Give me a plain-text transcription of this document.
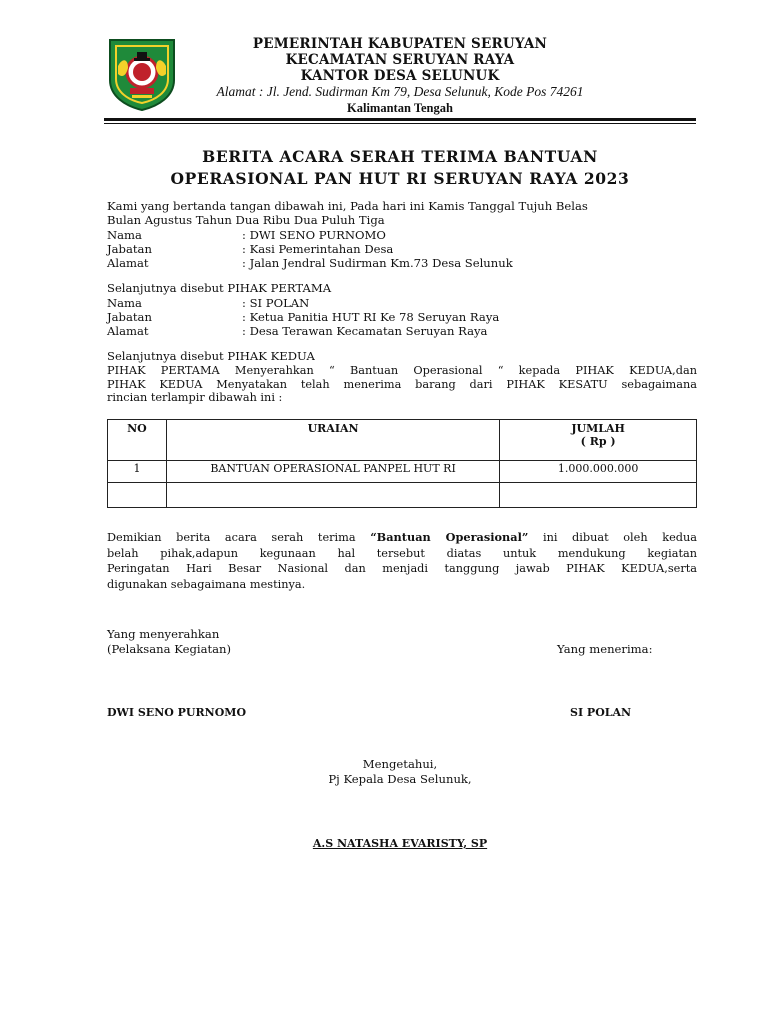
PEMERINTAH KABUPATEN SERUYAN
KECAMATAN SERUYAN RAYA
KANTOR DESA SELUNUK
Alamat : Jl. Jend. Sudirman Km 79, Desa Selunuk, Kode Pos 74261
Kalimantan Tengah
BERITA ACARA SERAH TERIMA BANTUAN
OPERASIONAL PAN HUT RI SERUYAN RAYA 2023
Kami yang bertanda tangan dibawah ini, Pada hari ini Kamis Tanggal Tujuh Belas
Bulan Agustus Tahun Dua Ribu Dua Puluh Tiga
Nama	: DWI SENO PURNOMO
Jabatan	: Kasi Pemerintahan Desa
Alamat	: Jalan Jendral Sudirman Km.73 Desa Selunuk
Selanjutnya disebut PIHAK PERTAMA
Nama	: SI POLAN
Jabatan	: Ketua Panitia HUT RI Ke 78 Seruyan Raya
Alamat	: Desa Terawan Kecamatan Seruyan Raya
Selanjutnya disebut PIHAK KEDUA
PIHAK PERTAMA Menyerahkan “ Bantuan Operasional “ kepada PIHAK KEDUA,dan
PIHAK KEDUA Menyatakan telah menerima barang dari PIHAK KESATU sebagaimana
rincian terlampir dibawah ini :
NO	URAIAN	JUMLAH
( Rp )

1	BANTUAN OPERASIONAL PANPEL HUT RI	1.000.000.000

Demikian berita acara serah terima “Bantuan Operasional” ini dibuat oleh kedua
belah pihak,adapun kegunaan hal tersebut diatas untuk mendukung kegiatan
Peringatan Hari Besar Nasional dan menjadi tanggung jawab PIHAK KEDUA,serta
digunakan sebagaimana mestinya.
Yang menyerahkan
(Pelaksana Kegiatan)	Yang menerima:
DWI SENO PURNOMO	SI POLAN
Mengetahui,
Pj Kepala Desa Selunuk,
A.S NATASHA EVARISTY, SP
